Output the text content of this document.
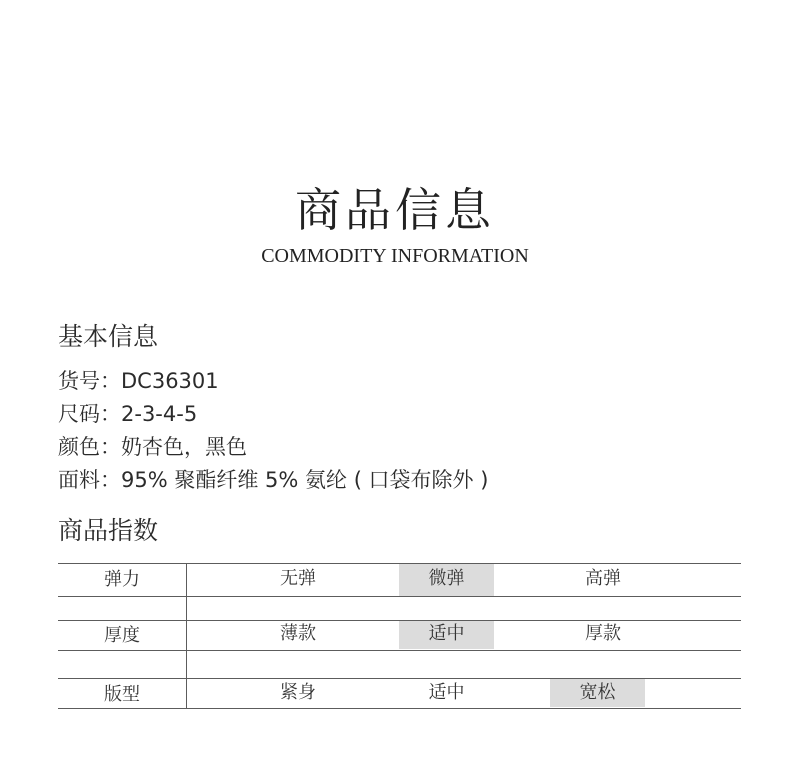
商品信息
COMMODITY INFORMATION
基本信息
货号：DC36301
尺码：2-3-4-5
颜色：奶杏色，黑色
面料：95% 聚酯纤维 5% 氨纶 ( 口袋布除外 )
商品指数
弹力	无弹	微弹	高弹
厚度	薄款	适中	厚款
版型	紧身	适中	宽松
